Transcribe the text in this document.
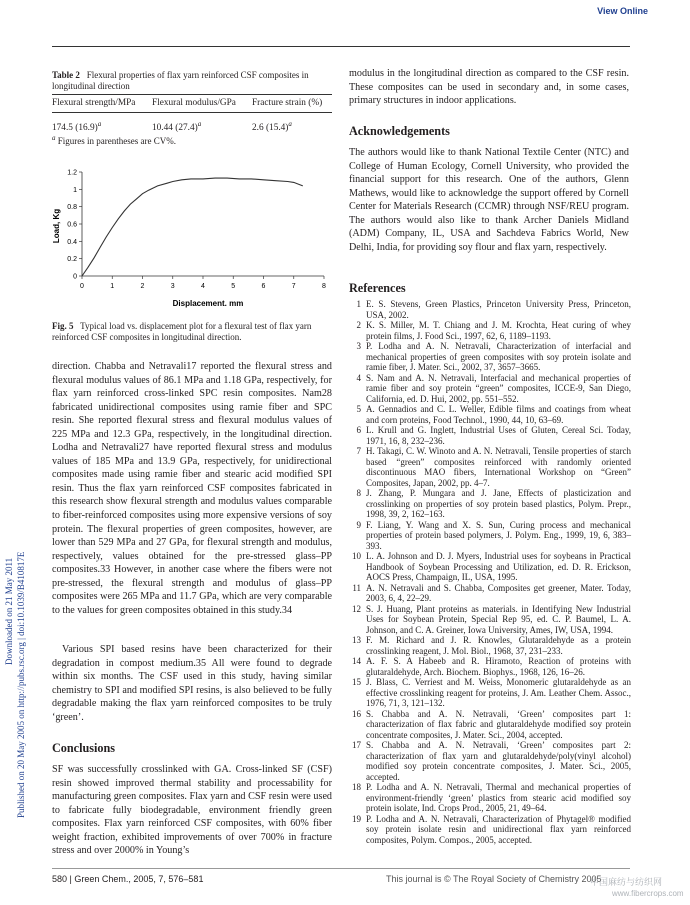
View Online
Downloaded on 21 May 2011 Published on 20 May 2005 on http://pubs.rsc.org | doi:10.1039/B410817E
Table 2 Flexural properties of flax yarn reinforced CSF composites in longitudinal direction
Flexural strength/MPa Flexural modulus/GPa Fracture strain (%)
174.5 $(16.9)^a$	10.44 $(27.4)^a$	2.6 $(15.4)^a$
$^a$ Figures in parentheses are CV%.
0	1	2	3	4	5	6	7	8
0
0.2
0.4
0.6
0.8
1
1.2
Displacement. mm
Load, Kg
Fig. 5 Typical load vs. displacement plot for a flexural test of flax yarn reinforced CSF composites in longitudinal direction.
direction. Chabba and Netravali17 reported the flexural stress and flexural modulus values of 86.1 MPa and 1.18 GPa, respectively, for flax yarn reinforced cross-linked SPC resin composites. Nam28 fabricated unidirectional composites using ramie fiber and SPC resin. She reported flexural stress and flexural modulus values of 225 MPa and 12.3 GPa, respectively, in the longitudinal direction. Lodha and Netravali27 have reported flexural stress and modulus values of 185 MPa and 13.9 GPa, respectively, for unidirectional composites made using ramie fiber and stearic acid modified SPI resin. Thus the flax yarn reinforced CSF composites fabricated in this research show flexural strength and modulus values comparable to fiber-reinforced composites using more expensive versions of soy protein. The flexural properties of green composites, however, are lower than 529 MPa and 27 GPa, for flexural strength and modulus, respectively, values obtained for the pre-stressed glass–PP composites.33 However, in another case where the fibers were not pre-stressed, the flexural strength and modulus of glass–PP composites were 265 MPa and 11.7 GPa, which are very comparable to the values for green composites obtained in this study.34
Various SPI based resins have been characterized for their degradation in compost medium.35 All were found to degrade within six months. The CSF used in this study, having similar chemistry to SPI and modified SPI resins, is also believed to be fully degradable making the flax yarn reinforced composites to be truly ‘green’.
Conclusions
SF was successfully crosslinked with GA. Cross-linked SF (CSF) resin showed improved thermal stability and processability for manufacturing green composites. Flax yarn and CSF resin were used to fabricate fully biodegradable, environment friendly green composites. Flax yarn reinforced CSF composites, with 60% fiber weight fraction, exhibited improvements of over 700% in fracture stress and over 2000% in Young’s
modulus in the longitudinal direction as compared to the CSF resin. These composites can be used in secondary and, in some cases, primary structures in indoor applications.
Acknowledgements
The authors would like to thank National Textile Center (NTC) and College of Human Ecology, Cornell University, who provided the financial support for this research. One of the authors, Glenn Mathews, would like to acknowledge the support offered by Cornell Center for Materials Research (CCMR) through NSF/REU program. The authors would also like to thank Archer Daniels Midland (ADM) Company, IL, USA and Sachdeva Fabrics World, New Delhi, India, for providing soy flour and flax yarn, respectively.
References
1 E. S. Stevens, Green Plastics, Princeton University Press, Princeton, USA, 2002.
2 K. S. Miller, M. T. Chiang and J. M. Krochta, Heat curing of whey protein films, J. Food Sci., 1997, 62, 6, 1189–1193.
3 P. Lodha and A. N. Netravali, Characterization of interfacial and mechanical properties of green composites with soy protein isolate and ramie fiber, J. Mater. Sci., 2002, 37, 3657–3665.
4 S. Nam and A. N. Netravali, Interfacial and mechanical properties of ramie fiber and soy protein “green” composites, ICCE-9, San Diego, California, ed. D. Hui, 2002, pp. 551–552.
5 A. Gennadios and C. L. Weller, Edible films and coatings from wheat and corn proteins, Food Technol., 1990, 44, 10, 63–69.
6 L. Krull and G. Inglett, Industrial Uses of Gluten, Cereal Sci. Today, 1971, 16, 8, 232–236.
7 H. Takagi, C. W. Winoto and A. N. Netravali, Tensile properties of starch based “green” composites reinforced with randomly oriented discontinuous MAO fibers, International Workshop on “Green” Composites, Japan, 2002, pp. 4–7.
8 J. Zhang, P. Mungara and J. Jane, Effects of plasticization and crosslinking on properties of soy protein based plastics, Polym. Prepr., 1998, 39, 2, 162–163.
9 F. Liang, Y. Wang and X. S. Sun, Curing process and mechanical properties of protein based polymers, J. Polym. Eng., 1999, 19, 6, 383–393.
10 L. A. Johnson and D. J. Myers, Industrial uses for soybeans in Practical Handbook of Soybean Processing and Utilization, ed. D. R. Erickson, AOCS Press, Champaign, IL, USA, 1995.
11 A. N. Netravali and S. Chabba, Composites get greener, Mater. Today, 2003, 6, 4, 22–29.
12 S. J. Huang, Plant proteins as materials. in Identifying New Industrial Uses for Soybean Protein, Special Rep 95, ed. C. P. Baumel, L. A. Johnson, and C. A. Greiner, Iowa University, Ames, IW, USA, 1994.
13 F. M. Richard and J. R. Knowles, Glutaraldehyde as a protein crosslinking reagent, J. Mol. Biol., 1968, 37, 231–233.
14 A. F. S. A Habeeb and R. Hiramoto, Reaction of proteins with glutaraldehyde, Arch. Biochem. Biophys., 1968, 126, 16–26.
15 J. Blass, C. Verriest and M. Weiss, Monomeric glutaraldehyde as an effective crosslinking reagent for proteins, J. Am. Leather Chem. Assoc., 1976, 71, 3, 121–132.
16 S. Chabba and A. N. Netravali, ‘Green’ composites part 1: characterization of flax fabric and glutaraldehyde modified soy protein concentrate composites, J. Mater. Sci., 2004, accepted.
17 S. Chabba and A. N. Netravali, ‘Green’ composites part 2: characterization of flax yarn and glutaraldehyde/poly(vinyl alcohol) modified soy protein concentrate composites, J. Mater. Sci., 2005, accepted.
18 P. Lodha and A. N. Netravali, Thermal and mechanical properties of environment-friendly ‘green’ plastics from stearic acid modified soy protein isolate, Ind. Crops Prod., 2005, 21, 49–64.
19 P. Lodha and A. N. Netravali, Characterization of Phytagel® modified soy protein isolate resin and unidirectional flax yarn reinforced composites, Polym. Compos., 2005, accepted.
580 | Green Chem., 2005, 7, 576–581	This journal is © The Royal Society of Chemistry 2005
中国麻纺与纺织网
www.fibercrops.com
